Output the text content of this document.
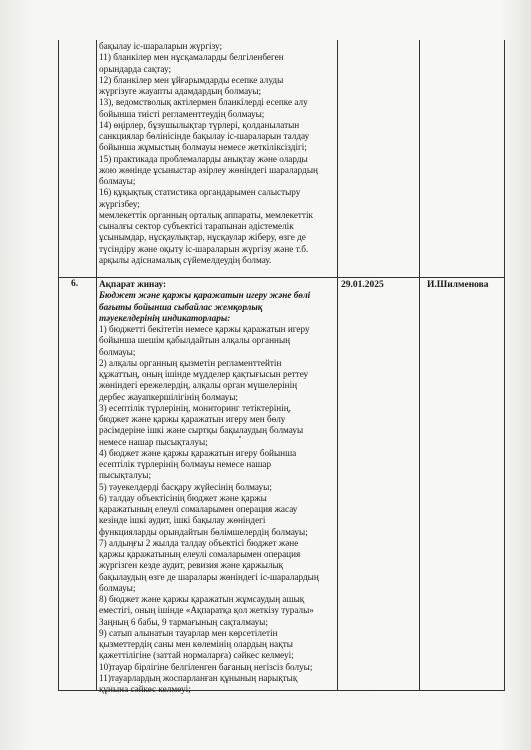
бақылау іс-шараларын жүргізу;
11) бланкілер мен нұсқамаларды белгіленбеген
орындарда сақтау;
12) бланкілер мен ұйғарымдарды есепке алуды
жүргізуге жауапты адамдардың болмауы;
13), ведомстволық актілермен бланкілерді есепке алу
бойынша тиісті регламенттеудің болмауы;
14) өңірлер, бұзушылықтар түрлері, қолданылатын
санкциялар бөлінісінде бақылау іс-шараларын талдау
бойынша жұмыстың болмауы немесе жеткіліксіздігі;
15) практикада проблемаларды анықтау және оларды
жою жөнінде ұсыныстар әзірлеу жөніндегі шаралардың
болмауы;
16) құқықтық статистика органдарымен салыстыру
жүргізбеу;
мемлекеттік органның орталық аппараты, мемлекеттік
сыналғы сектор субъектісі тарапынан әдістемелік
ұсынымдар, нұсқаулықтар, нұсқаулар жіберу, өзге де
түсіндіру және оқыту іс-шараларын жүргізу және т.б.
арқылы әдіснамалық сүйемелдеудің болмау.
6.	29.01.2025	И.Шилменова
Ақпарат жинау:
Бюджет және қаржы қаражатын игеру және бөлі
бағыты бойынша сыбайлас жемқорлық
тәуекелдерінің индикаторлары:
1) бюджетті бекітетін немесе қаржы қаражатын игеру
бойынша шешім қабылдайтын алқалы органның
болмауы;
2) алқалы органның қызметін регламенттейтін
құжаттың, оның ішінде мүдделер қақтығысын реттеу
жөніндегі ережелердің, алқалы орган мүшелерінің
дербес жауапкершілігінің болмауы;
3) есептілік түрлерінің, мониторинг тетіктерінің,
бюджет және қаржы қаражатын игеру мен бөлу
рәсімдеріне ішкі және сыртқы бақылаудың болмауы
немесе нашар пысықталуы;
4) бюджет және қаржы қаражатын игеру бойынша
есептілік түрлерінің болмауы немесе нашар
пысықталуы;
5) тәуекелдерді басқару жүйесінің болмауы;
6) талдау объектісінің бюджет және қаржы
қаражатының елеулі сомаларымен операция жасау
кезінде ішкі аудит, ішкі бақылау жөніндегі
функцияларды орындайтын бөлімшелердің болмауы;
7) алдыңғы 2 жылда талдау объектісі бюджет және
қаржы қаражатының елеулі сомаларымен операция
жүргізген кезде аудит, ревизия және қаржылық
бақылаудың өзге де шаралары жөніндегі іс-шаралардың
болмауы;
8) бюджет және қаржы қаражатын жұмсаудың ашық
еместігі, оның ішінде «Ақпаратқа қол жеткізу туралы»
Заңның 6 бабы, 9 тармағының сақталмауы;
9) сатып алынатын тауарлар мен көрсетілетін
қызметтердің саны мен көлемінің олардың нақты
қажеттілігіне (заттай нормаларға) сәйкес келмеуі;
10)тауар бірлігіне белгіленген бағаның негізсіз болуы;
11)тауарлардың жоспарланған құнының нарықтық
құнына сәйкес келмеуі;
